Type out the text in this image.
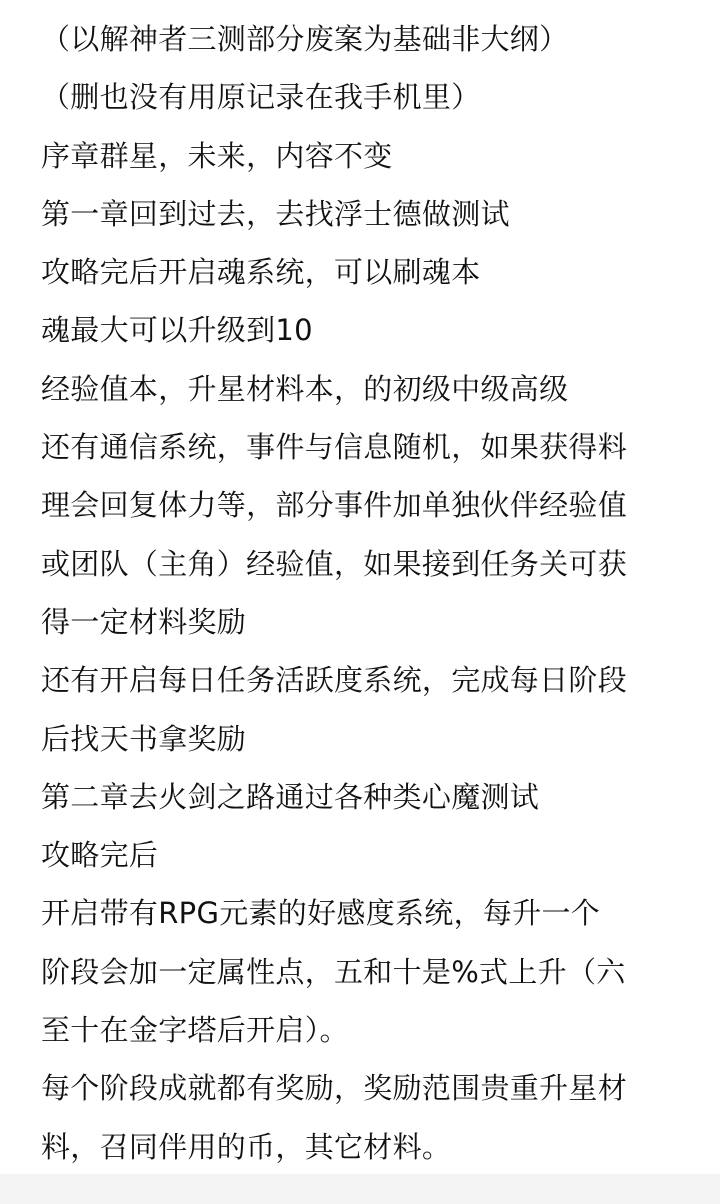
（以解神者三测部分废案为基础非大纲）
（删也没有用原记录在我手机里）
序章群星，未来，内容不变
第一章回到过去，去找浮士德做测试
攻略完后开启魂系统，可以刷魂本
魂最大可以升级到10
经验值本，升星材料本，的初级中级高级
还有通信系统，事件与信息随机，如果获得料
理会回复体力等，部分事件加单独伙伴经验值
或团队（主角）经验值，如果接到任务关可获
得一定材料奖励
还有开启每日任务活跃度系统，完成每日阶段
后找天书拿奖励
第二章去火剑之路通过各种类心魔测试
攻略完后
开启带有RPG元素的好感度系统，每升一个
阶段会加一定属性点，五和十是%式上升（六
至十在金字塔后开启）。
每个阶段成就都有奖励，奖励范围贵重升星材
料，召同伴用的币，其它材料。
